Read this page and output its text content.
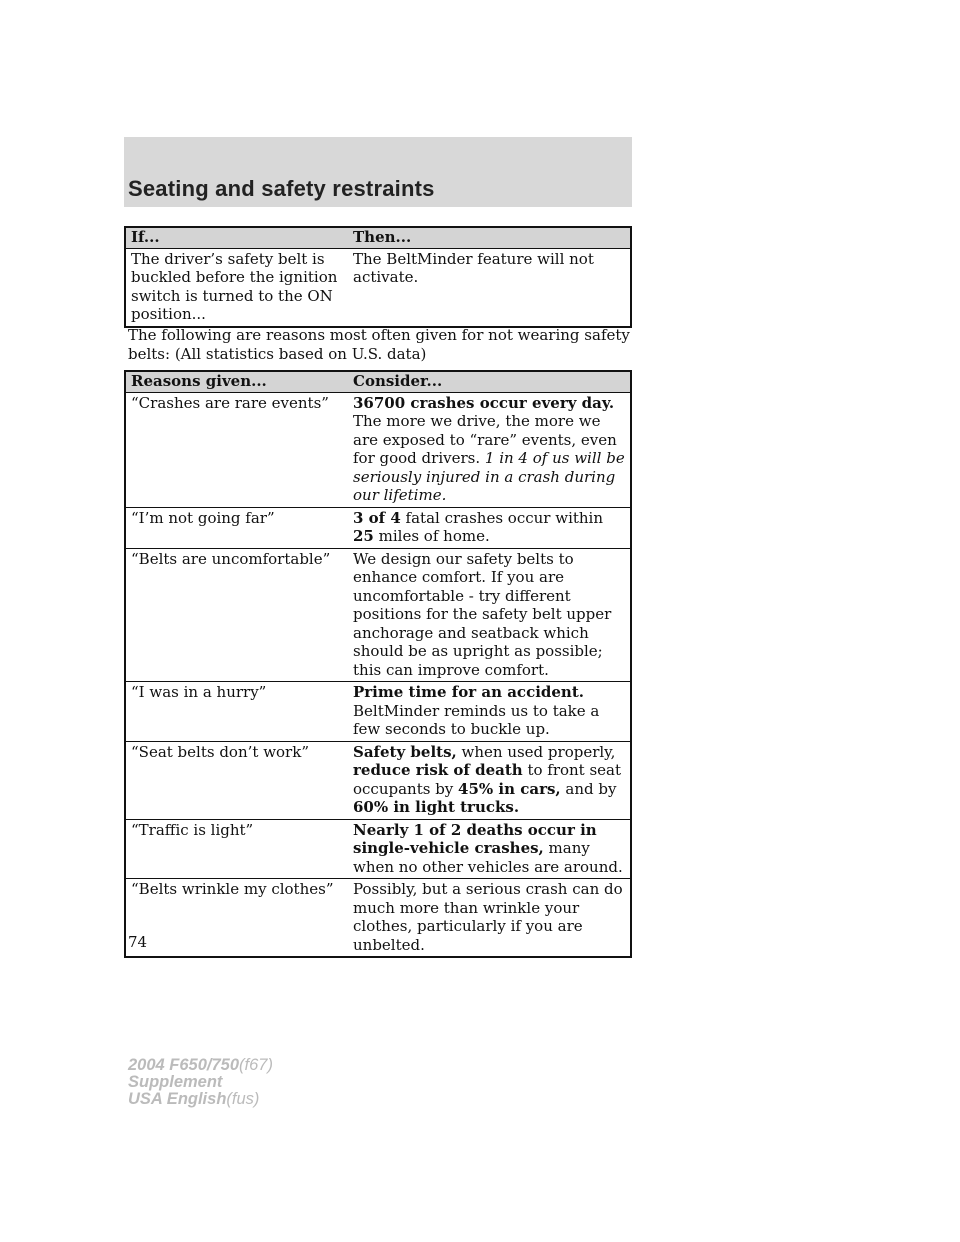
Seating and safety restraints
If...	Then...
The driver’s safety belt is buckled before the ignition switch is turned to the ON position...	The BeltMinder feature will not activate.
The following are reasons most often given for not wearing safety belts: (All statistics based on U.S. data)
Reasons given...	Consider...
“Crashes are rare events”	36700 crashes occur every day. The more we drive, the more we are exposed to “rare” events, even for good drivers. 1 in 4 of us will be seriously injured in a crash during our lifetime.
“I’m not going far”	3 of 4 fatal crashes occur within 25 miles of home.
“Belts are uncomfortable”	We design our safety belts to enhance comfort. If you are uncomfortable - try different positions for the safety belt upper anchorage and seatback which should be as upright as possible; this can improve comfort.
“I was in a hurry”	Prime time for an accident. BeltMinder reminds us to take a few seconds to buckle up.
“Seat belts don’t work”	Safety belts, when used properly, reduce risk of death to front seat occupants by 45% in cars, and by 60% in light trucks.
“Traffic is light”	Nearly 1 of 2 deaths occur in single-vehicle crashes, many when no other vehicles are around.
“Belts wrinkle my clothes”	Possibly, but a serious crash can do much more than wrinkle your clothes, particularly if you are unbelted.
74
2004 F650/750(f67)
Supplement
USA English(fus)
